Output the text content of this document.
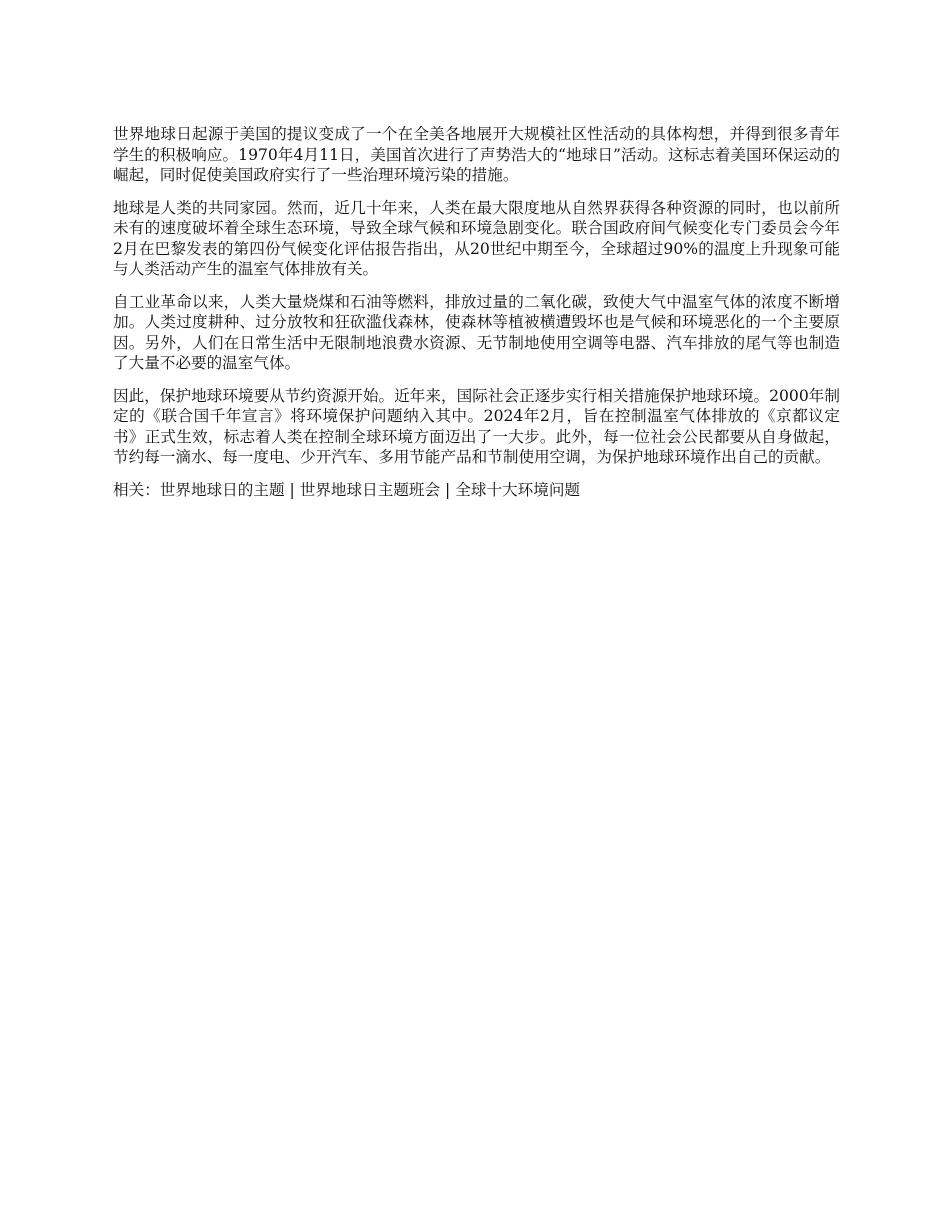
世界地球日起源于美国的提议变成了一个在全美各地展开大规模社区性活动的具体构想，并得到很多青年学生的积极响应。1970年4月11日，美国首次进行了声势浩大的“地球日”活动。这标志着美国环保运动的崛起，同时促使美国政府实行了一些治理环境污染的措施。

地球是人类的共同家园。然而，近几十年来，人类在最大限度地从自然界获得各种资源的同时，也以前所未有的速度破坏着全球生态环境，导致全球气候和环境急剧变化。联合国政府间气候变化专门委员会今年2月在巴黎发表的第四份气候变化评估报告指出，从20世纪中期至今，全球超过90%的温度上升现象可能与人类活动产生的温室气体排放有关。

自工业革命以来，人类大量烧煤和石油等燃料，排放过量的二氧化碳，致使大气中温室气体的浓度不断增加。人类过度耕种、过分放牧和狂砍滥伐森林，使森林等植被横遭毁坏也是气候和环境恶化的一个主要原因。另外，人们在日常生活中无限制地浪费水资源、无节制地使用空调等电器、汽车排放的尾气等也制造了大量不必要的温室气体。

因此，保护地球环境要从节约资源开始。近年来，国际社会正逐步实行相关措施保护地球环境。2000年制定的《联合国千年宣言》将环境保护问题纳入其中。2024年2月，旨在控制温室气体排放的《京都议定书》正式生效，标志着人类在控制全球环境方面迈出了一大步。此外，每一位社会公民都要从自身做起，节约每一滴水、每一度电、少开汽车、多用节能产品和节制使用空调，为保护地球环境作出自己的贡献。

相关：世界地球日的主题 | 世界地球日主题班会 | 全球十大环境问题
